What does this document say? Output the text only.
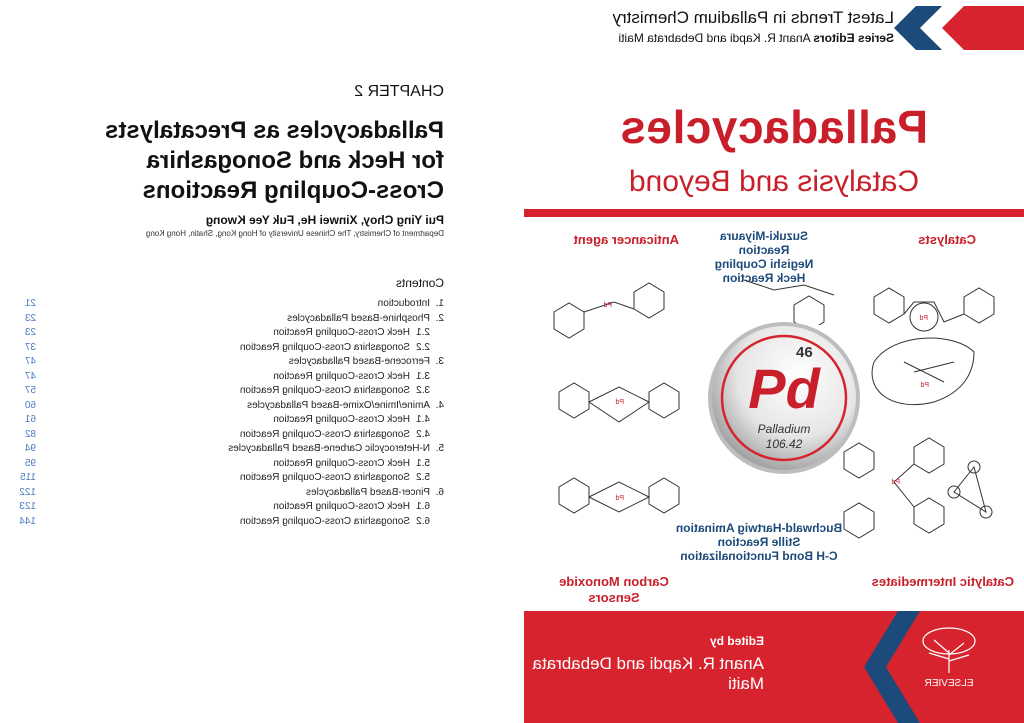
Latest Trends in Palladium Chemistry
Series Editors Anant R. Kapdi and Debabrata Maiti
Palladacycles
Catalysis and Beyond
Catalysts
Anticancer agent
Catalytic Intermediates
Carbon Monoxide Sensors
Suzuki-Miyaura Reaction
Negishi Coupling
Heck Reaction
Buchwald-Hartwig Amination
Stille Reaction
C-H Bond Functionalization
Pd
Pd
Pd
Pd
Pd
Pd
46
Pd
Palladium
106.42
ELSEVIER
Edited by
Anant R. Kapdi and Debabrata Maiti
CHAPTER 2
Palladacycles as Precatalysts
for Heck and Sonogashira
Cross-Coupling Reactions
Pui Ying Choy, Xinwei He, Fuk Yee Kwong
Department of Chemistry, The Chinese University of Hong Kong, Shatin, Hong Kong
Contents
1.
Introduction
21
2.
Phosphine-Based Palladacycles
23
2.1
Heck Cross-Coupling Reaction
23
2.2
Sonogashira Cross-Coupling Reaction
37
3.
Ferrocene-Based Palladacycles
47
3.1
Heck Cross-Coupling Reaction
47
3.2
Sonogashira Cross-Coupling Reaction
57
4.
Amine/Imine/Oxime-Based Palladacycles
60
4.1
Heck Cross-Coupling Reaction
61
4.2
Sonogashira Cross-Coupling Reaction
82
5.
N-Heterocyclic Carbene-Based Palladacycles
94
5.1
Heck Cross-Coupling Reaction
95
5.2
Sonogashira Cross-Coupling Reaction
115
6.
Pincer-Based Palladacycles
122
6.1
Heck Cross-Coupling Reaction
123
6.2
Sonogashira Cross-Coupling Reaction
144
